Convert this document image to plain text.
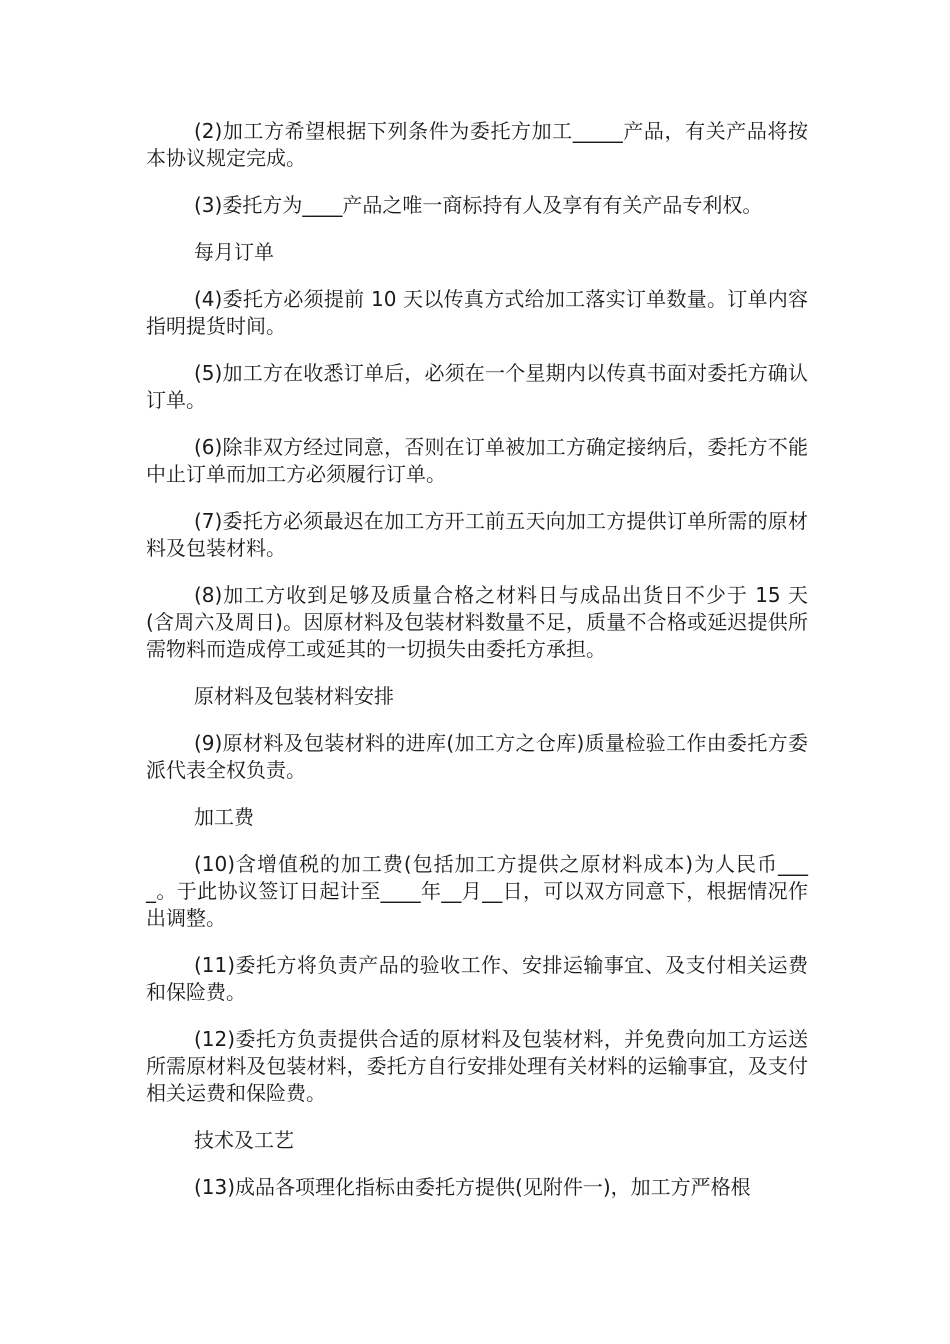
(2)加工方希望根据下列条件为委托方加工_____产品，有关产品将按本协议规定完成。

(3)委托方为____产品之唯一商标持有人及享有有关产品专利权。

每月订单

(4)委托方必须提前 10 天以传真方式给加工落实订单数量。订单内容指明提货时间。

(5)加工方在收悉订单后，必须在一个星期内以传真书面对委托方确认订单。

(6)除非双方经过同意，否则在订单被加工方确定接纳后，委托方不能中止订单而加工方必须履行订单。

(7)委托方必须最迟在加工方开工前五天向加工方提供订单所需的原材料及包装材料。

(8)加工方收到足够及质量合格之材料日与成品出货日不少于 15 天(含周六及周日)。因原材料及包装材料数量不足，质量不合格或延迟提供所需物料而造成停工或延其的一切损失由委托方承担。

原材料及包装材料安排

(9)原材料及包装材料的进库(加工方之仓库)质量检验工作由委托方委派代表全权负责。

加工费

(10)含增值税的加工费(包括加工方提供之原材料成本)为人民币____。于此协议签订日起计至____年__月__日，可以双方同意下，根据情况作出调整。

(11)委托方将负责产品的验收工作、安排运输事宜、及支付相关运费和保险费。

(12)委托方负责提供合适的原材料及包装材料，并免费向加工方运送所需原材料及包装材料，委托方自行安排处理有关材料的运输事宜，及支付相关运费和保险费。

技术及工艺

(13)成品各项理化指标由委托方提供(见附件一)，加工方严格根
